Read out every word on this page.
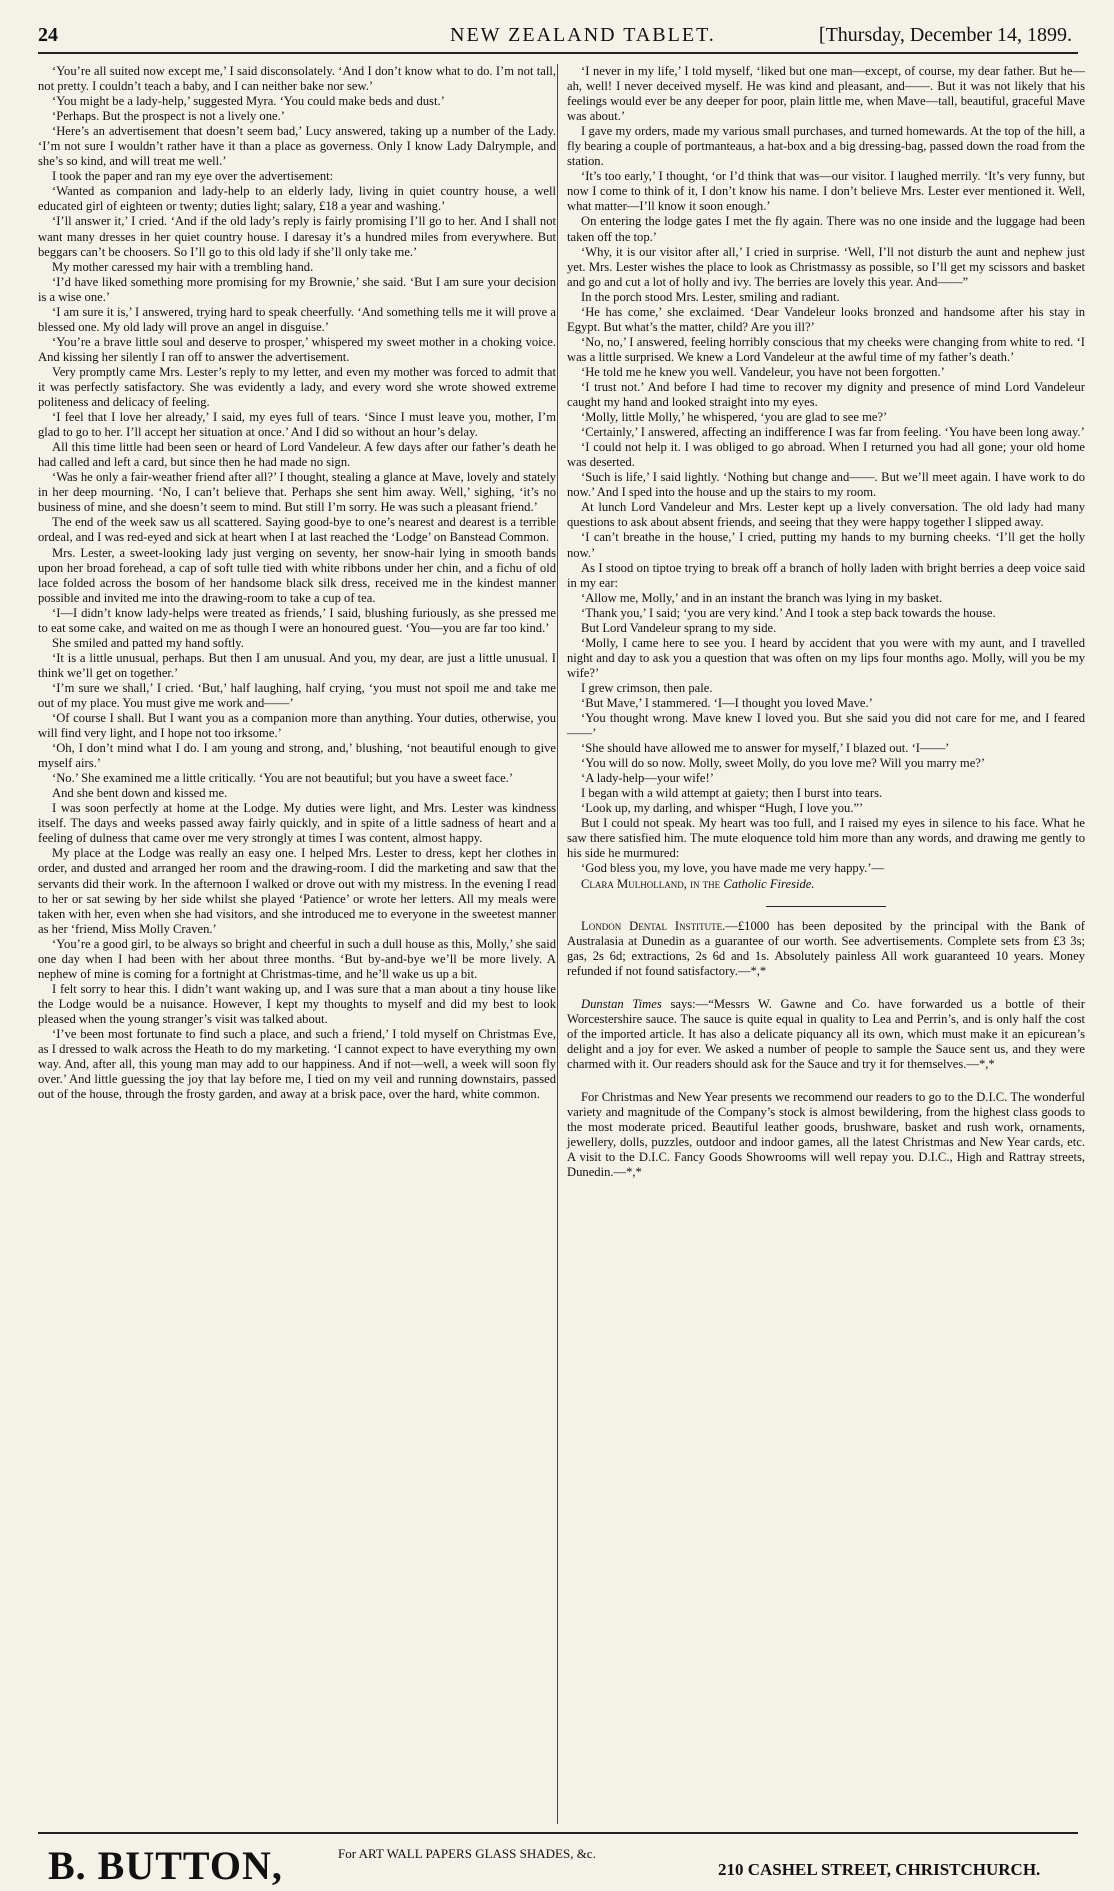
24	NEW ZEALAND TABLET.	[Thursday, December 14, 1899.

‘You’re all suited now except me,’ I said disconsolately. ‘And I don’t know what to do. I’m not tall, not pretty. I couldn’t teach a baby, and I can neither bake nor sew.’

‘You might be a lady-help,’ suggested Myra. ‘You could make beds and dust.’

‘Perhaps. But the prospect is not a lively one.’

‘Here’s an advertisement that doesn’t seem bad,’ Lucy answered, taking up a number of the Lady. ‘I’m not sure I wouldn’t rather have it than a place as governess. Only I know Lady Dalrymple, and she’s so kind, and will treat me well.’

I took the paper and ran my eye over the advertisement:

‘Wanted as companion and lady-help to an elderly lady, living in quiet country house, a well educated girl of eighteen or twenty; duties light; salary, £18 a year and washing.’

‘I’ll answer it,’ I cried. ‘And if the old lady’s reply is fairly promising I’ll go to her. And I shall not want many dresses in her quiet country house. I daresay it’s a hundred miles from everywhere. But beggars can’t be choosers. So I’ll go to this old lady if she’ll only take me.’

My mother caressed my hair with a trembling hand.

‘I’d have liked something more promising for my Brownie,’ she said. ‘But I am sure your decision is a wise one.’

‘I am sure it is,’ I answered, trying hard to speak cheerfully. ‘And something tells me it will prove a blessed one. My old lady will prove an angel in disguise.’

‘You’re a brave little soul and deserve to prosper,’ whispered my sweet mother in a choking voice. And kissing her silently I ran off to answer the advertisement.

Very promptly came Mrs. Lester’s reply to my letter, and even my mother was forced to admit that it was perfectly satisfactory. She was evidently a lady, and every word she wrote showed extreme politeness and delicacy of feeling.

‘I feel that I love her already,’ I said, my eyes full of tears. ‘Since I must leave you, mother, I’m glad to go to her. I’ll accept her situation at once.’ And I did so without an hour’s delay.

All this time little had been seen or heard of Lord Vandeleur. A few days after our father’s death he had called and left a card, but since then he had made no sign.

‘Was he only a fair-weather friend after all?’ I thought, stealing a glance at Mave, lovely and stately in her deep mourning. ‘No, I can’t believe that. Perhaps she sent him away. Well,’ sighing, ‘it’s no business of mine, and she doesn’t seem to mind. But still I’m sorry. He was such a pleasant friend.’

The end of the week saw us all scattered. Saying good-bye to one’s nearest and dearest is a terrible ordeal, and I was red-eyed and sick at heart when I at last reached the ‘Lodge’ on Banstead Common.

Mrs. Lester, a sweet-looking lady just verging on seventy, her snow-hair lying in smooth bands upon her broad forehead, a cap of soft tulle tied with white ribbons under her chin, and a fichu of old lace folded across the bosom of her handsome black silk dress, received me in the kindest manner possible and invited me into the drawing-room to take a cup of tea.

‘I—I didn’t know lady-helps were treated as friends,’ I said, blushing furiously, as she pressed me to eat some cake, and waited on me as though I were an honoured guest. ‘You—you are far too kind.’

She smiled and patted my hand softly.

‘It is a little unusual, perhaps. But then I am unusual. And you, my dear, are just a little unusual. I think we’ll get on together.’

‘I’m sure we shall,’ I cried. ‘But,’ half laughing, half crying, ‘you must not spoil me and take me out of my place. You must give me work and——’

‘Of course I shall. But I want you as a companion more than anything. Your duties, otherwise, you will find very light, and I hope not too irksome.’

‘Oh, I don’t mind what I do. I am young and strong, and,’ blushing, ‘not beautiful enough to give myself airs.’

‘No.’ She examined me a little critically. ‘You are not beautiful; but you have a sweet face.’

And she bent down and kissed me.

I was soon perfectly at home at the Lodge. My duties were light, and Mrs. Lester was kindness itself. The days and weeks passed away fairly quickly, and in spite of a little sadness of heart and a feeling of dulness that came over me very strongly at times I was content, almost happy.

My place at the Lodge was really an easy one. I helped Mrs. Lester to dress, kept her clothes in order, and dusted and arranged her room and the drawing-room. I did the marketing and saw that the servants did their work. In the afternoon I walked or drove out with my mistress. In the evening I read to her or sat sewing by her side whilst she played ‘Patience’ or wrote her letters. All my meals were taken with her, even when she had visitors, and she introduced me to everyone in the sweetest manner as her ‘friend, Miss Molly Craven.’

‘You’re a good girl, to be always so bright and cheerful in such a dull house as this, Molly,’ she said one day when I had been with her about three months. ‘But by-and-bye we’ll be more lively. A nephew of mine is coming for a fortnight at Christmas-time, and he’ll wake us up a bit.

I felt sorry to hear this. I didn’t want waking up, and I was sure that a man about a tiny house like the Lodge would be a nuisance. However, I kept my thoughts to myself and did my best to look pleased when the young stranger’s visit was talked about.

‘I’ve been most fortunate to find such a place, and such a friend,’ I told myself on Christmas Eve, as I dressed to walk across the Heath to do my marketing. ‘I cannot expect to have everything my own way. And, after all, this young man may add to our happiness. And if not—well, a week will soon fly over.’ And little guessing the joy that lay before me, I tied on my veil and running downstairs, passed out of the house, through the frosty garden, and away at a brisk pace, over the hard, white common.

‘I never in my life,’ I told myself, ‘liked but one man—except, of course, my dear father. But he—ah, well! I never deceived myself. He was kind and pleasant, and——. But it was not likely that his feelings would ever be any deeper for poor, plain little me, when Mave—tall, beautiful, graceful Mave was about.’

I gave my orders, made my various small purchases, and turned homewards. At the top of the hill, a fly bearing a couple of portmanteaus, a hat-box and a big dressing-bag, passed down the road from the station.

‘It’s too early,’ I thought, ‘or I’d think that was—our visitor. I laughed merrily. ‘It’s very funny, but now I come to think of it, I don’t know his name. I don’t believe Mrs. Lester ever mentioned it. Well, what matter—I’ll know it soon enough.’

On entering the lodge gates I met the fly again. There was no one inside and the luggage had been taken off the top.’

‘Why, it is our visitor after all,’ I cried in surprise. ‘Well, I’ll not disturb the aunt and nephew just yet. Mrs. Lester wishes the place to look as Christmassy as possible, so I’ll get my scissors and basket and go and cut a lot of holly and ivy. The berries are lovely this year. And——”

In the porch stood Mrs. Lester, smiling and radiant.

‘He has come,’ she exclaimed. ‘Dear Vandeleur looks bronzed and handsome after his stay in Egypt. But what’s the matter, child? Are you ill?’

‘No, no,’ I answered, feeling horribly conscious that my cheeks were changing from white to red. ‘I was a little surprised. We knew a Lord Vandeleur at the awful time of my father’s death.’

‘He told me he knew you well. Vandeleur, you have not been forgotten.’

‘I trust not.’ And before I had time to recover my dignity and presence of mind Lord Vandeleur caught my hand and looked straight into my eyes.

‘Molly, little Molly,’ he whispered, ‘you are glad to see me?’

‘Certainly,’ I answered, affecting an indifference I was far from feeling. ‘You have been long away.’

‘I could not help it. I was obliged to go abroad. When I returned you had all gone; your old home was deserted.

‘Such is life,’ I said lightly. ‘Nothing but change and——. But we’ll meet again. I have work to do now.’ And I sped into the house and up the stairs to my room.

At lunch Lord Vandeleur and Mrs. Lester kept up a lively conversation. The old lady had many questions to ask about absent friends, and seeing that they were happy together I slipped away.

‘I can’t breathe in the house,’ I cried, putting my hands to my burning cheeks. ‘I’ll get the holly now.’

As I stood on tiptoe trying to break off a branch of holly laden with bright berries a deep voice said in my ear:

‘Allow me, Molly,’ and in an instant the branch was lying in my basket.

‘Thank you,’ I said; ‘you are very kind.’ And I took a step back towards the house.

But Lord Vandeleur sprang to my side.

‘Molly, I came here to see you. I heard by accident that you were with my aunt, and I travelled night and day to ask you a question that was often on my lips four months ago. Molly, will you be my wife?’

I grew crimson, then pale.

‘But Mave,’ I stammered. ‘I—I thought you loved Mave.’

‘You thought wrong. Mave knew I loved you. But she said you did not care for me, and I feared——’

‘She should have allowed me to answer for myself,’ I blazed out. ‘I——’

‘You will do so now. Molly, sweet Molly, do you love me? Will you marry me?’

‘A lady-help—your wife!’

I began with a wild attempt at gaiety; then I burst into tears.

‘Look up, my darling, and whisper “Hugh, I love you.”’

But I could not speak. My heart was too full, and I raised my eyes in silence to his face. What he saw there satisfied him. The mute eloquence told him more than any words, and drawing me gently to his side he murmured:

‘God bless you, my love, you have made me very happy.’—

Clara Mulholland, in the Catholic Fireside.

London Dental Institute.—£1000 has been deposited by the principal with the Bank of Australasia at Dunedin as a guarantee of our worth. See advertisements. Complete sets from £3 3s; gas, 2s 6d; extractions, 2s 6d and 1s. Absolutely painless All work guaranteed 10 years. Money refunded if not found satisfactory.—*,*

Dunstan Times says:—“Messrs W. Gawne and Co. have forwarded us a bottle of their Worcestershire sauce. The sauce is quite equal in quality to Lea and Perrin’s, and is only half the cost of the imported article. It has also a delicate piquancy all its own, which must make it an epicurean’s delight and a joy for ever. We asked a number of people to sample the Sauce sent us, and they were charmed with it. Our readers should ask for the Sauce and try it for themselves.—*,*

For Christmas and New Year presents we recommend our readers to go to the D.I.C. The wonderful variety and magnitude of the Company’s stock is almost bewildering, from the highest class goods to the most moderate priced. Beautiful leather goods, brushware, basket and rush work, ornaments, jewellery, dolls, puzzles, outdoor and indoor games, all the latest Christmas and New Year cards, etc. A visit to the D.I.C. Fancy Goods Showrooms will well repay you. D.I.C., High and Rattray streets, Dunedin.—*,*

B. BUTTON,	For ART WALL PAPERS GLASS SHADES, &c.
210 CASHEL STREET, CHRISTCHURCH.
